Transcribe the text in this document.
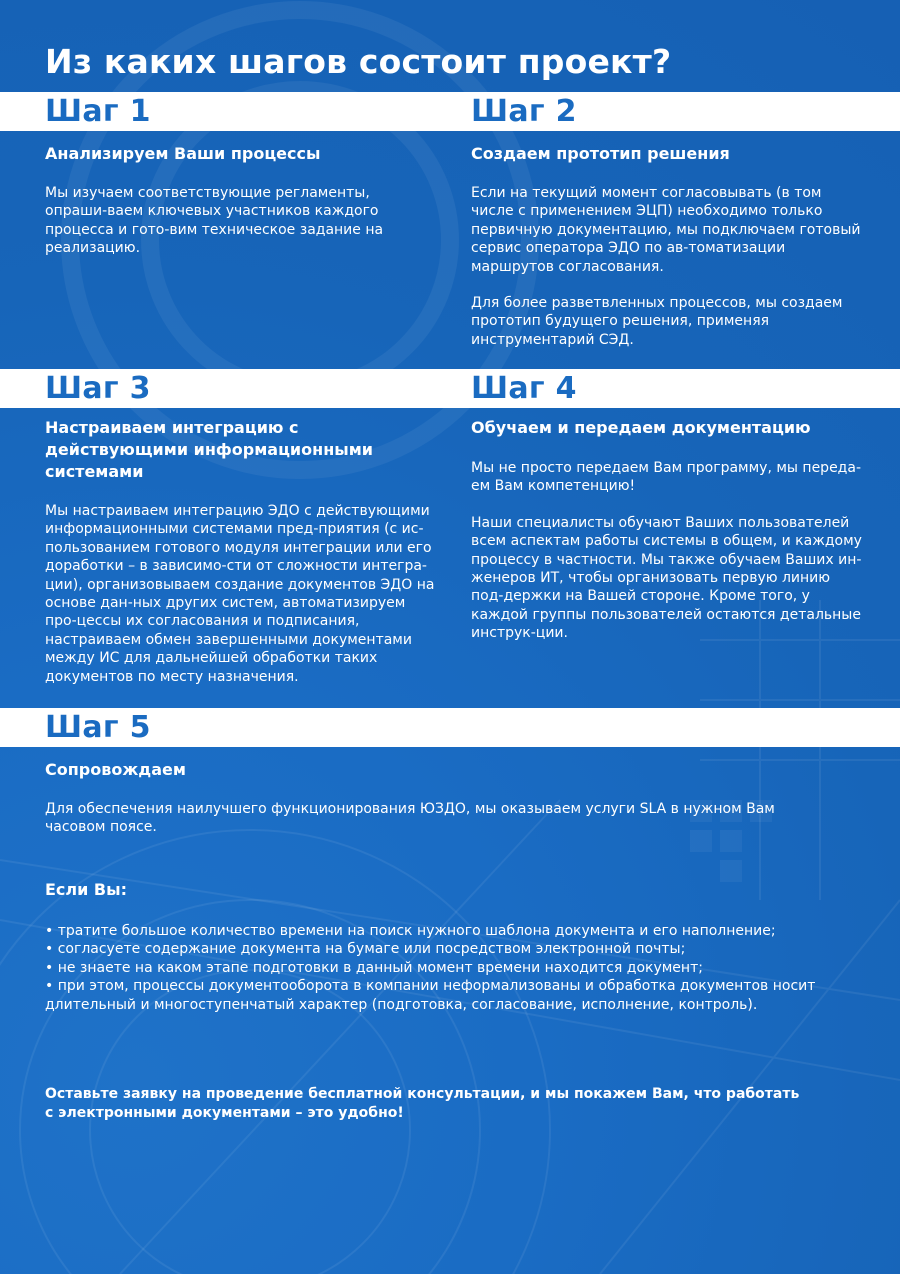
Из каких шагов состоит проект?
Шаг 1	Шаг 2
Анализируем Ваши процессы

Мы изучаем соответствующие регламенты, опраши-ваем ключевых участников каждого процесса и гото-вим техническое задание на реализацию.

Создаем прототип решения

Если на текущий момент согласовывать (в том числе с применением ЭЦП) необходимо только первичную документацию, мы подключаем готовый сервис оператора ЭДО по ав-томатизации маршрутов согласования.

Для более разветвленных процессов, мы создаем прототип будущего решения, применяя инструментарий СЭД.

Шаг 3	Шаг 4
Настраиваем интеграцию с действующими информационными системами

Мы настраиваем интеграцию ЭДО с действующими информационными системами пред-приятия (с ис-пользованием готового модуля интеграции или его доработки – в зависимо-сти от сложности интегра-ции), организовываем создание документов ЭДО на основе дан-ных других систем, автоматизируем про-цессы их согласования и подписания, настраиваем обмен завершенными документами между ИС для дальнейшей обработки таких документов по месту назначения.

Обучаем и передаем документацию

Мы не просто передаем Вам программу, мы переда-ем Вам компетенцию!

Наши специалисты обучают Ваших пользователей всем аспектам работы системы в общем, и каждому процессу в частности. Мы также обучаем Ваших ин-женеров ИТ, чтобы организовать первую линию под-держки на Вашей стороне. Кроме того, у каждой группы пользователей остаются детальные инструк-ции.

Шаг 5
Сопровождаем

Для обеспечения наилучшего функционирования ЮЗДО, мы оказываем услуги SLA в нужном Вам часовом поясе.

Если Вы:
• тратите большое количество времени на поиск нужного шаблона документа и его наполнение;
• согласуете содержание документа на бумаге или посредством электронной почты;
• не знаете на каком этапе подготовки в данный момент времени находится документ;
• при этом, процессы документооборота в компании неформализованы и обработка документов носит длительный и многоступенчатый характер (подготовка, согласование, исполнение, контроль).

Оставьте заявку на проведение бесплатной консультации, и мы покажем Вам, что работать с электронными документами – это удобно!
